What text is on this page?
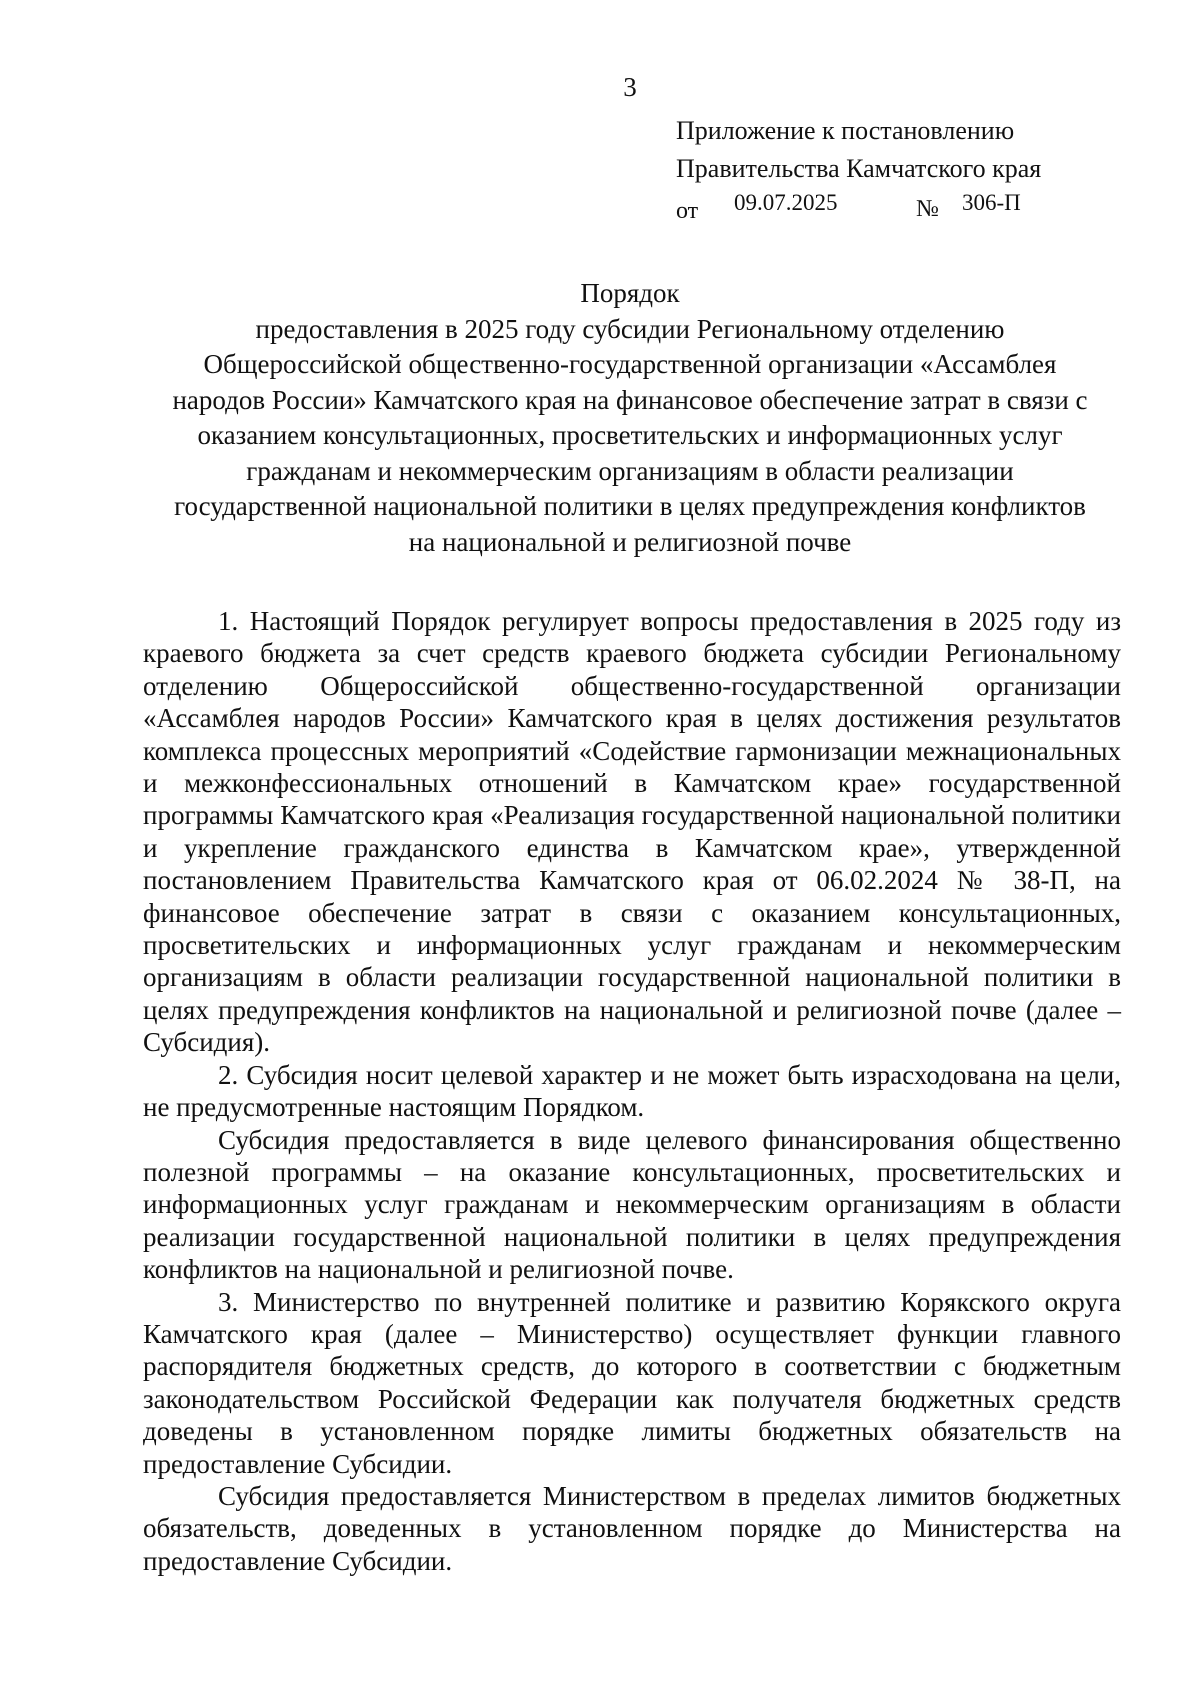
3
Приложение к постановлению
Правительства Камчатского края
от 09.07.2025	№ 306-П
Порядок
предоставления в 2025 году субсидии Региональному отделению
Общероссийской общественно-государственной организации «Ассамблея
народов России» Камчатского края на финансовое обеспечение затрат в связи с
оказанием консультационных, просветительских и информационных услуг
гражданам и некоммерческим организациям в области реализации
государственной национальной политики в целях предупреждения конфликтов
на национальной и религиозной почве

1. Настоящий Порядок регулирует вопросы предоставления в 2025 году из краевого бюджета за счет средств краевого бюджета субсидии Региональному отделению Общероссийской общественно-государственной организации «Ассамблея народов России» Камчатского края в целях достижения результатов комплекса процессных мероприятий «Содействие гармонизации межнациональных и межконфессиональных отношений в Камчатском крае» государственной программы Камчатского края «Реализация государственной национальной политики и укрепление гражданского единства в Камчатском крае», утвержденной постановлением Правительства Камчатского края от 06.02.2024 № 38-П, на финансовое обеспечение затрат в связи с оказанием консультационных, просветительских и информационных услуг гражданам и некоммерческим организациям в области реализации государственной национальной политики в целях предупреждения конфликтов на национальной и религиозной почве (далее – Субсидия).

2. Субсидия носит целевой характер и не может быть израсходована на цели, не предусмотренные настоящим Порядком.

Субсидия предоставляется в виде целевого финансирования общественно полезной программы – на оказание консультационных, просветительских и информационных услуг гражданам и некоммерческим организациям в области реализации государственной национальной политики в целях предупреждения конфликтов на национальной и религиозной почве.

3. Министерство по внутренней политике и развитию Корякского округа Камчатского края (далее – Министерство) осуществляет функции главного распорядителя бюджетных средств, до которого в соответствии с бюджетным законодательством Российской Федерации как получателя бюджетных средств доведены в установленном порядке лимиты бюджетных обязательств на предоставление Субсидии.

Субсидия предоставляется Министерством в пределах лимитов бюджетных обязательств, доведенных в установленном порядке до Министерства на предоставление Субсидии.
